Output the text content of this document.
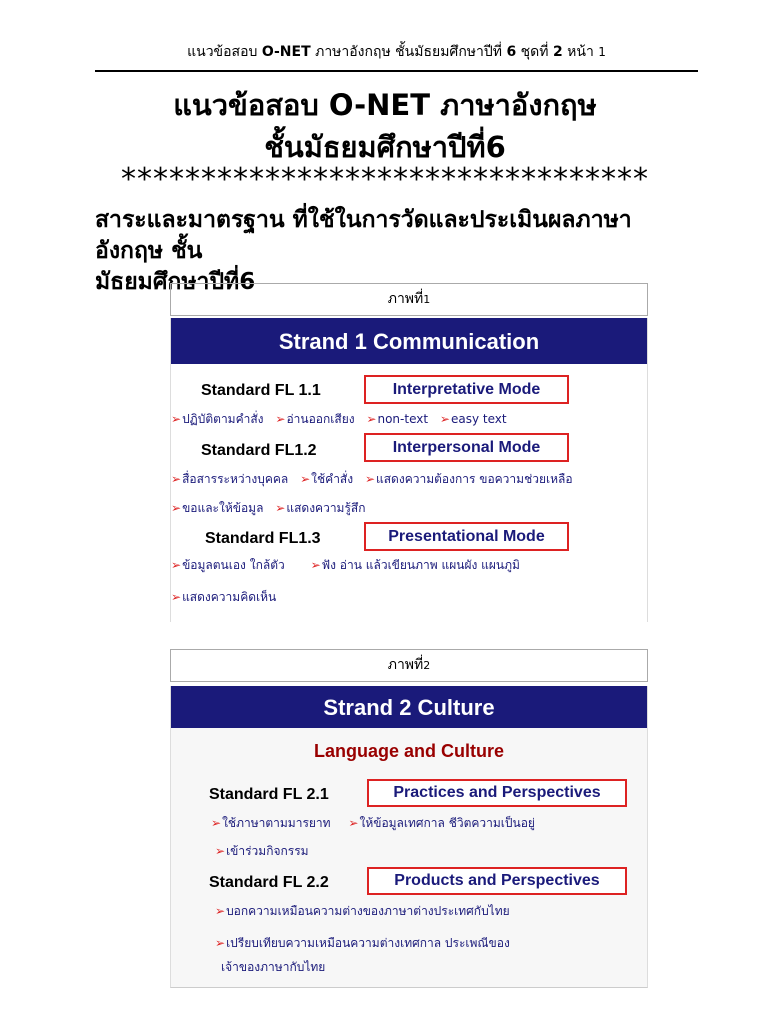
แนวข้อสอบ O-NET ภาษาอังกฤษ ชั้นมัธยมศึกษาปีที่ 6 ชุดที่ 2 หน้า 1
แนวข้อสอบ O-NET ภาษาอังกฤษ
ชั้นมัธยมศึกษาปีที่6
*********************************
สาระและมาตรฐาน ที่ใช้ในการวัดและประเมินผลภาษาอังกฤษ ชั้น
มัธยมศึกษาปีที่6
ภาพที่1
Strand 1 Communication
Standard FL 1.1	Interpretative Mode
➢ปฏิบัติตามคำสั่ง ➢อ่านออกเสียง ➢non-text ➢easy text
Standard FL1.2	Interpersonal Mode
➢สื่อสารระหว่างบุคคล ➢ใช้คำสั่ง ➢แสดงความต้องการ ขอความช่วยเหลือ
➢ขอและให้ข้อมูล ➢แสดงความรู้สึก
Standard FL1.3	Presentational Mode
➢ข้อมูลตนเอง ใกล้ตัว ➢ฟัง อ่าน แล้วเขียนภาพ แผนผัง แผนภูมิ
➢แสดงความคิดเห็น
ภาพที่2
Strand 2 Culture
Language and Culture
Standard FL 2.1	Practices and Perspectives
➢ใช้ภาษาตามมารยาท ➢ให้ข้อมูลเทศกาล ชีวิตความเป็นอยู่
➢เข้าร่วมกิจกรรม
Standard FL 2.2	Products and Perspectives
➢บอกความเหมือนความต่างของภาษาต่างประเทศกับไทย
➢เปรียบเทียบความเหมือนความต่างเทศกาล ประเพณีของ
เจ้าของภาษากับไทย
